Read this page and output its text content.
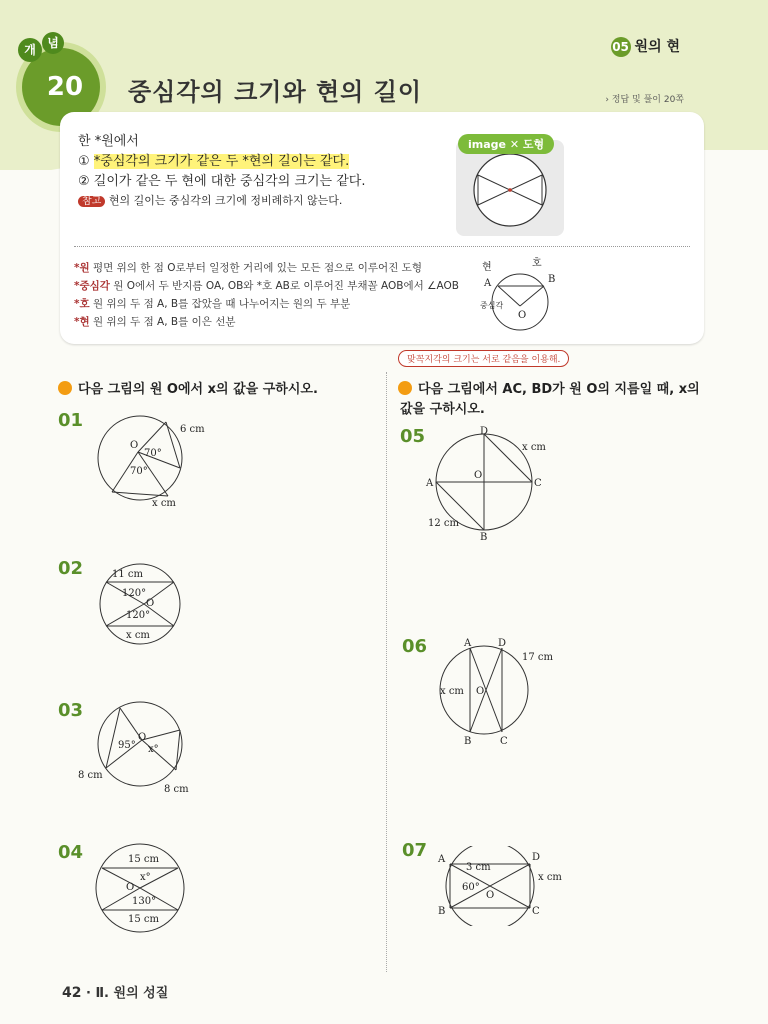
개 념
20 중심각의 크기와 현의 길이
05 원의 현
› 정답 및 풀이 20쪽

한 *원에서

① *중심각의 크기가 같은 두 *현의 길이는 같다.

② 길이가 같은 두 현에 대한 중심각의 크기는 같다.

참고 현의 길이는 중심각의 크기에 정비례하지 않는다.

image ✕ 도형
*원 평면 위의 한 점 O로부터 일정한 거리에 있는 모든 점으로 이루어진 도형
*중심각 원 O에서 두 반지름 OA, OB와 *호 AB로 이루어진 부채꼴 AOB에서 ∠AOB
*호 원 위의 두 점 A, B를 잡았을 때 나누어지는 원의 두 부분
*현 원 위의 두 점 A, B를 이은 선분
현	호
A	B
중심각
O
맞꼭지각의 크기는 서로 같음을 이용해.
다음 그림의 원 O에서 x의 값을 구하시오.	다음 그림에서 AC, BD가 원 O의 지름일 때, x의
값을 구하시오.
01	6 cm
O
70°
70°
x cm
02	11 cm
120°
O
120°
x cm
03
95°
O
x°
8 cm
8 cm
04	15 cm
x°
O
130°
15 cm
05	D
x cm
A
O
C
12 cm
B
06	A	D
17 cm
x cm O
B	C
07 A
3 cm
D
x cm
60°
O
B	C
42 · Ⅱ. 원의 성질
